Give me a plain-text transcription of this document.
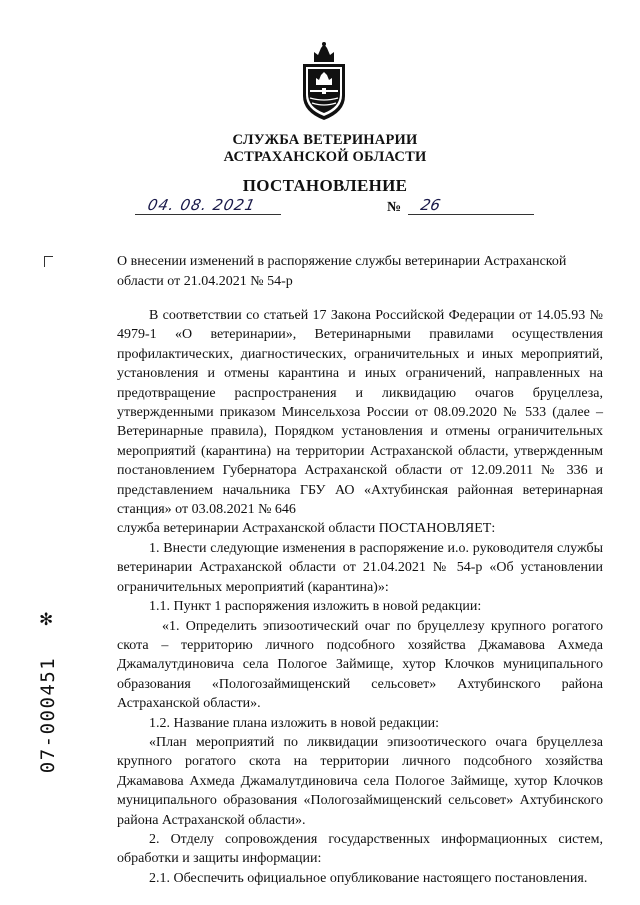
СЛУЖБА ВЕТЕРИНАРИИ
АСТРАХАНСКОЙ ОБЛАСТИ
ПОСТАНОВЛЕНИЕ
04. 08. 2021	№ 26
О внесении изменений в распоряжение службы ветеринарии Астраханской области от 21.04.2021 № 54-р

В соответствии со статьей 17 Закона Российской Федерации от 14.05.93 № 4979-1 «О ветеринарии», Ветеринарными правилами осуществления профилактических, диагностических, ограничительных и иных мероприятий, установления и отмены карантина и иных ограничений, направленных на предотвращение распространения и ликвидацию очагов бруцеллеза, утвержденными приказом Минсельхоза России от 08.09.2020 № 533 (далее – Ветеринарные правила), Порядком установления и отмены ограничительных мероприятий (карантина) на территории Астраханской области, утвержденным постановлением Губернатора Астраханской области от 12.09.2011 № 336 и представлением начальника ГБУ АО «Ахтубинская районная ветеринарная станция» от 03.08.2021 № 646

служба ветеринарии Астраханской области ПОСТАНОВЛЯЕТ:

1. Внести следующие изменения в распоряжение и.о. руководителя службы ветеринарии Астраханской области от 21.04.2021 № 54-р «Об установлении ограничительных мероприятий (карантина)»:

1.1. Пункт 1 распоряжения изложить в новой редакции:

«1. Определить эпизоотический очаг по бруцеллезу крупного рогатого скота – территорию личного подсобного хозяйства Джамавова Ахмеда Джамалутдиновича села Пологое Займище, хутор Клочков муниципального образования «Пологозаймищенский сельсовет» Ахтубинского района Астраханской области».

1.2. Название плана изложить в новой редакции:

«План мероприятий по ликвидации эпизоотического очага бруцеллеза крупного рогатого скота на территории личного подсобного хозяйства Джамавова Ахмеда Джамалутдиновича села Пологое Займище, хутор Клочков муниципального образования «Пологозаймищенский сельсовет» Ахтубинского района Астраханской области».

2. Отделу сопровождения государственных информационных систем, обработки и защиты информации:

2.1. Обеспечить официальное опубликование настоящего постановления.

✻
07-000451
